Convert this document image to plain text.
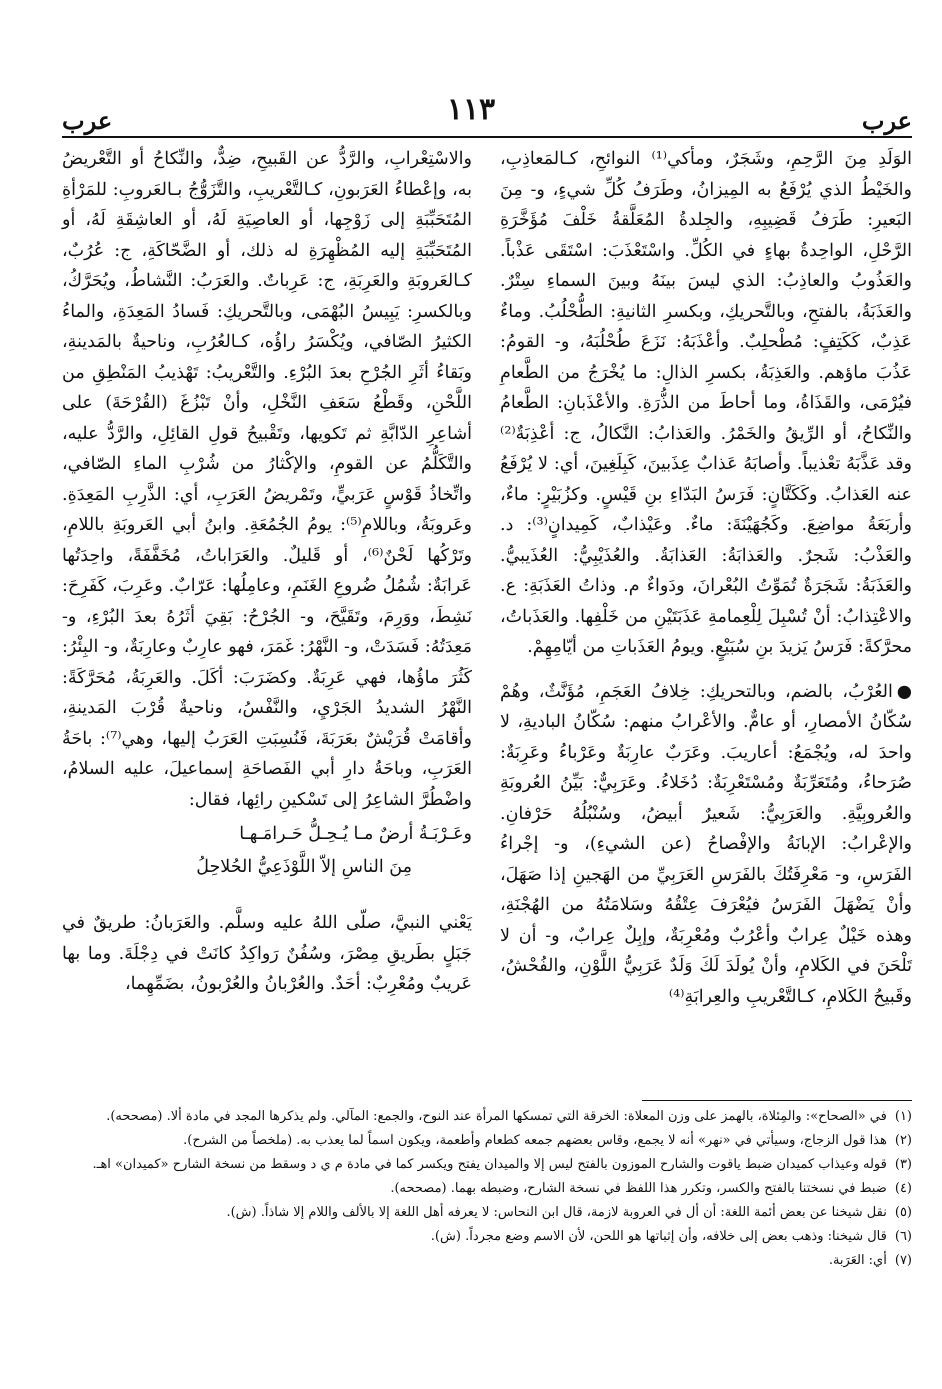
عرب
١١٣
عرب

الوَلَدِ مِنَ الرَّحِمِ، وشَجَرٌ، ومأكي⁽¹⁾ النوائحِ، كـالمَعاذِبِ، والخَيْطُ الذي يُرْفَعُ به المِيزانُ، وطَرَفُ كُلِّ شيءٍ، و- مِنَ البَعيرِ: طَرَفُ قَضِيبِهِ، والجِلدةُ المُعَلَّقةُ خَلْفَ مُؤَخَّرَةِ الرَّحْلِ، الواحِدةُ بهاءٍ في الكُلِّ. واسْتَعْذَبَ: اسْتَقَى عَذْباً. والعَذُوبُ والعاذِبُ: الذي ليسَ بينَهُ وبينَ السماءِ سِتْرٌ. والعَذَبَةُ، بالفتحِ، وبالتَّحريكِ، وبكسرِ الثانيةِ: الطُّحْلُبُ. وماءٌ عَذِبٌ، كَكَتِفٍ: مُطْحلِبٌ. وأعْذَبَهُ: نَزَعَ طُحْلُبَهُ، و- القومُ: عَذُبَ ماؤهم. والعَذِبَةُ، بكسرِ الذالِ: ما يُخْرَجُ من الطَّعامِ فيُرْمَى، والقَذَاةُ، وما أحاطَ من الذُّرَةِ. والأعْذَبانِ: الطَّعامُ والنِّكاحُ، أو الرِّيقُ والخَمْرُ. والعَذابُ: النَّكالُ، ج: أعْذِبَةٌ⁽²⁾ وقد عَذَّبَهُ تعْذيباً. وأصابَهُ عَذابٌ عِذَبينَ، كَبِلَغِينَ، أي: لا يُرْفَعُ عنه العَذابُ. وكَكَتَّانٍ: فَرَسُ البَدّاءِ بنِ قَيْسٍ. وكزُبَيْرٍ: ماءٌ، وأربَعَةُ مواضِعَ. وكَجُهَيْنَةَ: ماءٌ. وعَيْذابٌ، كَمِيدانٍ⁽³⁾: د. والعَذْبُ: شَجرٌ. والعَذابَةُ: العَذابَةُ. والعُذَيْبِيُّ: العُذَيبيُّ. والعَذَبَةُ: شَجَرَةٌ تُمَوِّتُ البُعْرانَ، ودَواءٌ م. وذاتُ العَذَبَةِ: ع. والاعْتِذابُ: أنْ تُسْبِلَ لِلْعِمامةِ عَذَبَتَيْنِ من خَلْفِها. والعَذَباتُ، محرَّكةً: فَرَسُ يَزيدَ بنِ سُبَيْعٍ. ويومُ العَذَباتِ من أيّامِهِمْ.

●العُرْبُ، بالضم، وبالتحريكِ: خِلافُ العَجَمِ، مُؤَنَّثٌ، وهُمْ سُكّانُ الأمصارِ، أو عامٌّ. والأعْرابُ منهم: سُكّانُ الباديةِ، لا واحدَ له، ويُجْمَعُ: أعاريبَ. وعَرَبٌ عارِبَةٌ وعَرْباءُ وعَرِبَةٌ: صُرَحاءُ، ومُتَعَرِّبَةٌ ومُسْتَعْرِبَةٌ: دُخَلاءُ. وعَرَبِيٌّ: بَيِّنُ العُروبَةِ والعُروبِيَّةِ. والعَرَبِيُّ: شَعيرٌ أبيضُ، وسُنْبُلُهُ حَرْفانِ. والإعْرابُ: الإبانَةُ والإفْصاحُ (عن الشيءِ)، و- إجْراءُ الفَرَسِ، و- مَعْرِفَتُكَ بالفَرَسِ العَرَبِيِّ من الهَجينِ إذا صَهَلَ، وأنْ يَضْهَلَ الفَرَسُ فيُعْرَفَ عِتْقُهُ وسَلامَتُهُ من الهُجْنَةِ، وهذه خَيْلٌ عِرابٌ وأعْرُبٌ ومُعْرِبَةٌ، وإبِلٌ عِرابٌ، و- أن لا تَلْحَنَ في الكَلامِ، وأنْ يُولَدَ لَكَ وَلَدٌ عَرَبِيُّ اللَّوْنِ، والفُحْشُ، وقَبيحُ الكَلامِ، كـالتَّعْريبِ والعِرابَةِ⁽⁴⁾

والاسْتِعْرابِ، والرَّدُّ عن القَبيحِ، ضِدٌّ، والنِّكاحُ أو التَّعْريضُ به، وإعْطاءُ العَرَبونِ، كـالتَّعْريبِ، والتَّزَوُّجُ بـالعَروبِ: للمَرْأةِ المُتَحَبِّبَةِ إلى زَوْجِها، أو العاصِيَةِ لَهُ، أو العاشِقَةِ لَهُ، أو المُتَحَبِّبَةِ إليه المُظْهِرَةِ له ذلك، أو الضَّحّاكَةِ، ج: عُرُبٌ، كـالعَروبَةِ والعَرِبَةِ، ج: عَرِباتٌ. والعَرَبُ: النَّشاطُ، ويُحَرَّكُ، وبالكسرِ: يَبِيسُ البُهْمَى، وبالتَّحريكِ: فَسادُ المَعِدَةِ، والماءُ الكثيرُ الصّافي، ويُكْسَرُ راؤُه، كـالعُرُبِ، وناحيةٌ بالمَدينةِ، وبَقاءُ أثَرِ الجُرْحِ بعدَ البُرْءِ. والتَّعْريبُ: تَهْذيبُ المَنْطِقِ من اللَّحْنِ، وقَطْعُ سَعَفِ النَّخْلِ، وأنْ تَبْزُغَ (القُرْحَةَ) على أشاعِرِ الدّابَّةِ ثم تَكويها، وتَقْبيحُ قولِ القائِلِ، والرَّدُّ عليه، والتَّكَلُّمُ عن القومِ، والإكْثارُ من شُرْبِ الماءِ الصّافي، واتِّخاذُ قَوْسٍ عَرَبيٍّ، وتَمْريضُ العَرَبِ، أي: الذَّرِبِ المَعِدَةِ. وعَروبَةُ، وباللامِ⁽⁵⁾: يومُ الجُمُعَةِ. وابنُ أبي العَروبَةِ باللامِ، وتَرْكُها لَحْنٌ⁽⁶⁾، أو قَليلٌ. والعَرَاباتُ، مُخَفَّفَةً، واحِدَتُها عَرابَةٌ: شُمُلُ ضُروعِ الغَنَمِ، وعامِلُها: عَرّابٌ. وعَرِبَ، كَفَرِحَ: نَشِطَ، ووَرِمَ، وتَقَيَّحَ، و- الجُرْحُ: بَقِيَ أثَرُهُ بعدَ البُرْءِ، و- مَعِدَتُهُ: فَسَدَتْ، و- النَّهْرُ: غَمَرَ، فهو عارِبٌ وعارِبَةٌ، و- البِئْرُ: كَثُرَ ماؤُها، فهي عَرِبَةٌ. وكضَرَبَ: أكَلَ. والعَرِبَةُ، مُحَرَّكَةً: النَّهْرُ الشديدُ الجَرْيِ، والنَّفْسُ، وناحيةٌ قُرْبَ المَدينةِ، وأقامَتْ قُرَيْشٌ بعَرَبَةَ، فَنُسِبَتِ العَرَبُ إليها، وهي⁽⁷⁾: باحَةُ العَرَبِ، وباحَةُ دارِ أبي الفَصاحَةِ إسماعيلَ، عليه السلامُ، واضْطُرَّ الشاعِرُ إلى تَسْكينِ رائِها، فقال:

وعَـرْبَـةُ أرضٌ مـا يُـحِـلُّ حَـرامَـهـا

مِنَ الناسِ إلاّ اللَّوْذَعِيُّ الحُلاحِلُ

يَعْني النبيَّ، صلّى اللهُ عليه وسلَّم. والعَرَبانُ: طريقٌ في جَبَلٍ بطَريقِ مِصْرَ، وسُفُنٌ رَواكِدُ كانَتْ في دِجْلَةَ. وما بها عَريبٌ ومُعْرِبٌ: أحَدٌ. والعُرْبانُ والعُرْبونُ، بضَمِّهِما،

(١)
في «الصحاح»: والمِئلاة، بالهمز على وزن المعلاة: الخرقة التي تمسكها المرأة عند النوح، والجمع: المآلي. ولم يذكرها المجد في مادة ألا. (مصححه).
(٢)
هذا قول الزجاج، وسيأتي في «نهر» أنه لا يجمع، وقاس بعضهم جمعه كطعام وأطعمة، ويكون اسماً لما يعذب به. (ملخصاً من الشرح).
(٣)
قوله وعيذاب كميدان ضبط ياقوت والشارح الموزون بالفتح ليس إلا والميدان يفتح ويكسر كما في مادة م ي د وسقط من نسخة الشارح «كميدان» اهـ.
(٤)
ضبط في نسختنا بالفتح والكسر، وتكرر هذا اللفظ في نسخة الشارح، وضبطه بهما. (مصححه).
(٥)
نقل شيخنا عن بعض أئمة اللغة: أن أل في العروبة لازمة، قال ابن النحاس: لا يعرفه أهل اللغة إلا بالألف واللام إلا شاذاً. (ش).
(٦)
قال شيخنا: وذهب بعض إلى خلافه، وأن إثباتها هو اللحن، لأن الاسم وضع مجرداً. (ش).
(٧)
أي: العَرَبة.
